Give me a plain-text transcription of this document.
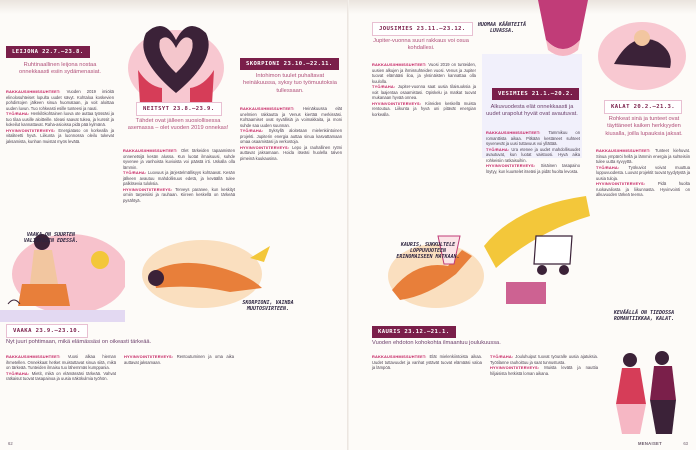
LEIJONA 22.7.–23.8.
Ruhtinaallinen leijona nostaa onnekkaasti esiin sydämenasiat.
RAKKAUS/IHMISSUHTEET: Vuoden 2019 imiöitä elinolosuhteiset lopulta uudet sävyt. Kohtaloa koskevien pohdintojen jälkeen sinua huomataan, ja voit aloittaa uuden luvun. Tuo rohkeasti esille tunteesi ja nauti.
TYÖ/RAHA: Henkilökohtainen luova ote auttaa työssäsi ja tuo tilaa uusille aloitteille. Ideasi saavat tukea, ja kurssit ja kokeilut kannattavat. Raha-asioissa pidä pää kylmänä.
HYVINVOINTI/TERVEYS: Energiataso on korkealla ja vitaliteetti hyvä. Liikunta ja luonnossa oleilu tukevat jaksamista, kunhan muistat myös levätä.
NEITSYT 23.8.–23.9.
Tähdet ovat jälleen suosiollisessa asemassa – olet vuoden 2019 onnekas!
RAKKAUS/IHMISSUHTEET: Olet tärkeiden tapaamisten onnenetsijä kesän alussa. Kun luotat ilmaisuusi, suhde syvenee ja vanhoista kuvioista voi päästä irti. Uskalla olla lämmin.
TYÖ/RAHA: Luovuus ja järjestelmällisyys kohtaavat. Kesän jälkeen avautuu mahdollisuus edetä, ja keväällä tulee palkitsevia tuloksia.
HYVINVOINTI/TERVEYS: Terveys paranee, kun keskityt omiin tarpeisiisi ja rauhaan. Kiireen keskellä on tärkeää pysähtyä.
SKORPIONI 23.10.–22.11.
Intohimon tuulet puhaltavat heinäkuussa, syksy tuo työmuutoksia tullessaan.
RAKKAUS/IHMISSUHTEET: Heinäkuussa elät unelmien rakkautta ja Venus kiertää merkissäsi. Kohtaamiset ovat syvällisiä ja voimakkaita, ja moni suhde saa uuden suunnan.
TYÖ/RAHA: Syksyllä aloitetaan mielenkiintoinen projekti. Jupiterin energia auttaa sinua kasvattamaan omaa osaamistasi ja verkostoja.
HYVINVOINTI/TERVEYS: Lepo ja rauhallinen rytmi auttavat jaksamaan. Hoida itseäsi huolella talven pimeinä kuukausina.
VAAKA ON SUURTEN VALINTOJEN EDESSÄ.
SKORPIONI, VAIHDA MUUTOSVIRTEEN.
VAAKA 23.9.–23.10.
Nyt juuri pohtimaan, mikä elämässäsi on oikeasti tärkeää.
RAKKAUS/IHMISSUHTEET: Vuosi alkaa hieman ihmetellen. Onnekkaat hetket muistuttavat sinua siitä, mikä on tärkeää. Tunteiden ilmaisu tuo lähemmäs kumppania.
TYÖ/RAHA: Mietit, mikä on elämässäsi tärkeää. Vahvat ratkaisut tuovat tasapainoa ja uusia näkökulmia työhön.
HYVINVOINTI/TERVEYS: Rentoutuminen ja oma aika auttavat jaksamaan.
62
JOUSIMIES 23.11.–23.12.
Jupiter-vuonna suuri rakkaus voi osua kohdallesi.
RAKKAUS/IHMISSUHTEET: Vuosi 2019 on tunteiden, uusien alkujen ja ihmissuhteiden vuosi. Venus ja Jupiter tuovat elämääsi iloa, ja yksinäisten kannattaa olla kuulolla.
TYÖ/RAHA: Jupiter-vuonna saat uusia tilaisuuksia ja voit laajentaa osaamistasi. Opiskelu ja matkat tuovat mukanaan hyvää onnea.
HYVINVOINTI/TERVEYS: Kiireiden keskellä muista rentoutua. Liikunta ja hyvä uni pitävät energian korkealla.
HUOMAA KÄÄNTEITÄ LUVASSA.
VESIMIES 21.1.–20.2.
Alkuvuodesta elät onnekkaasti ja uudet urapolut hyvät ovat avautuvat.
RAKKAUS/IHMISSUHTEET: Tammikuu on romanttista aikaa. Pitkään kestäneet suhteet syvenevät ja uusi tuttavuus voi yllättää.
TYÖ/RAHA: Ura etenee ja uudet mahdollisuudet avautuvat, kun luotat vaistoosi. Hyvä aika rohkeisiin ratkaisuihin.
HYVINVOINTI/TERVEYS: Sisäinen tasapaino löytyy, kun kuuntelet itseäsi ja pidät huolta levosta.
KALAT 20.2.–21.3.
Rohkeat sinä ja tunteet ovat täyttäneet kaiken herkkyyden kiusalla, joilla lupauksia jaksat.
RAKKAUS/IHMISSUHTEET: Tunteet kiehuvat. Sinua ympäröi hellä ja lämmin energia ja suhteisiin tulee uutta syvyyttä.
TYÖ/RAHA: Työkuviot voivat muuttua loppuvuodesta. Luovat projektit tuovat tyydytystä ja uusia tuloja.
HYVINVOINTI/TERVEYS:	Pidä huolta ruokavaliosta ja liikunnasta. Hyvinvointi on alkuvuoden tärkeä teema.
KAURIS, SUKKULTELE LOPPUVUOTEEN ERINOMAISEEN MATKAAN.
KEVÄÄLLÄ ON TIEDOSSA ROMANTIIKKAA, KALAT.
KAURIS 23.12.–21.1.
Vuoden ehdoton kohokohta ilmaantuu joulukuussa.
RAKKAUS/IHMISSUHTEET: Elät mielenkiintoista aikaa. Uudet tuttavuudet ja vanhat ystävät tuovat elämääsi valoa ja lämpöä.
TYÖ/RAHA: Jouluhuiput tuovat työuralle uusia ajatuksia. Työtilanne rauhoittuu ja saat tunnustusta.
HYVINVOINTI/TERVEYS: Muista levätä ja nauttia hiljaisista hetkistä loman aikana.
MENAISET	63
